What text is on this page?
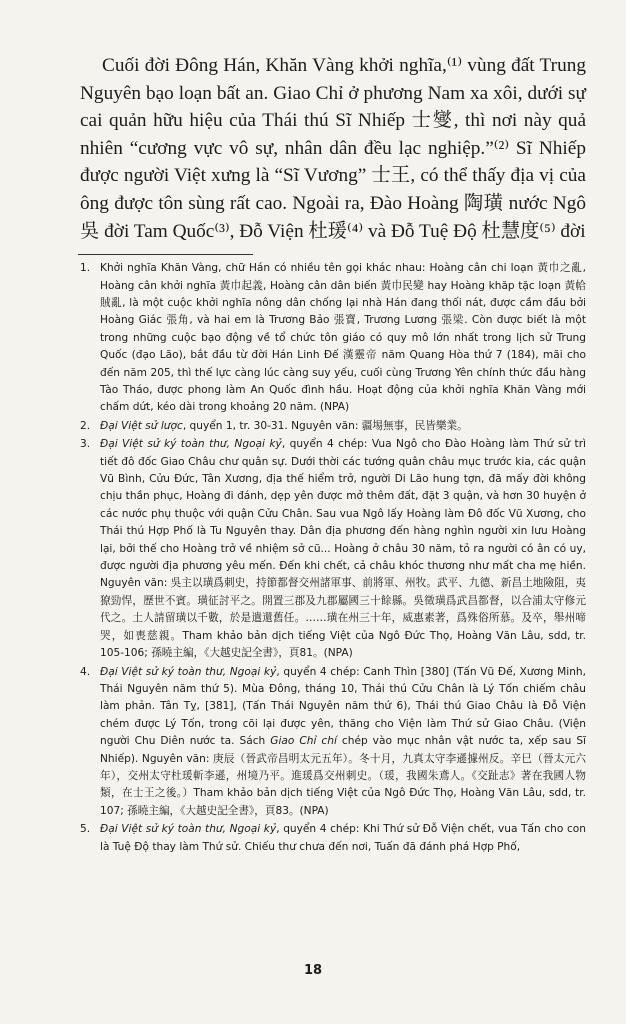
Cuối đời Đông Hán, Khăn Vàng khởi nghĩa,⁽¹⁾ vùng đất Trung Nguyên bạo loạn bất an. Giao Chỉ ở phương Nam xa xôi, dưới sự cai quản hữu hiệu của Thái thú Sĩ Nhiếp 士燮, thì nơi này quả nhiên “cương vực vô sự, nhân dân đều lạc nghiệp.”⁽²⁾ Sĩ Nhiếp được người Việt xưng là “Sĩ Vương” 士王, có thể thấy địa vị của ông được tôn sùng rất cao. Ngoài ra, Đào Hoàng 陶璜 nước Ngô 吳 đời Tam Quốc⁽³⁾, Đỗ Viện 杜瑗⁽⁴⁾ và Đỗ Tuệ Độ 杜慧度⁽⁵⁾ đời

1. Khởi nghĩa Khăn Vàng, chữ Hán có nhiều tên gọi khác nhau: Hoàng cân chi loạn 黃巾之亂, Hoàng cân khởi nghĩa 黃巾起義, Hoàng cân dân biến 黃巾民變 hay Hoàng khăp tặc loạn 黃帢賊亂, là một cuộc khởi nghĩa nông dân chống lại nhà Hán đang thối nát, được cầm đầu bởi Hoàng Giác 張角, và hai em là Trương Bảo 張寶, Trương Lương 張梁. Còn được biết là một trong những cuộc bạo động về tổ chức tôn giáo có quy mô lớn nhất trong lịch sử Trung Quốc (đạo Lão), bắt đầu từ đời Hán Linh Đế 漢靈帝 năm Quang Hòa thứ 7 (184), mãi cho đến năm 205, thì thế lực càng lúc càng suy yếu, cuối cùng Trương Yên chính thức đầu hàng Tào Tháo, được phong làm An Quốc đình hầu. Hoạt động của khởi nghĩa Khăn Vàng mới chấm dứt, kéo dài trong khoảng 20 năm. (NPA)
2. Đại Việt sử lược, quyển 1, tr. 30-31. Nguyên văn: 疆埸無事，民皆樂業。
3. Đại Việt sử ký toàn thư, Ngoại kỷ, quyển 4 chép: Vua Ngô cho Đào Hoàng làm Thứ sử trì tiết đô đốc Giao Châu chư quân sự. Dưới thời các tướng quân châu mục trước kia, các quận Vũ Bình, Cửu Đức, Tân Xương, địa thế hiểm trở, người Di Lão hung tợn, đã mấy đời không chịu thần phục, Hoàng đi đánh, dẹp yên được mở thêm đất, đặt 3 quận, và hơn 30 huyện ở các nước phụ thuộc với quận Cửu Chân. Sau vua Ngô lấy Hoàng làm Đô đốc Vũ Xương, cho Thái thú Hợp Phố là Tu Nguyên thay. Dân địa phương đến hàng nghìn người xin lưu Hoàng lại, bởi thế cho Hoàng trở về nhiệm sở cũ... Hoàng ở châu 30 năm, tỏ ra người có ân có uy, được người địa phương yêu mến. Đến khi chết, cả châu khóc thương như mất cha mẹ hiền. Nguyên văn: 吳主以璜爲刺史，持節都督交州諸軍事、前將軍、州牧。武平、九德、新昌土地險阻，夷獠勁悍，歷世不賓。璜征討平之。開置三郡及九郡屬國三十餘縣。吳徵璜爲武昌都督，以合浦太守修元代之。土人請留璜以千數，於是遣還舊任。……璜在州三十年，威惠素著，爲殊俗所慕。及卒，舉州啼哭，如喪慈親。Tham khảo bản dịch tiếng Việt của Ngô Đức Thọ, Hoàng Văn Lâu, sdd, tr. 105-106; 孫曉主編，《大越史記全書》，頁81。(NPA)
4. Đại Việt sử ký toàn thư, Ngoại kỷ, quyển 4 chép: Canh Thìn [380] (Tấn Vũ Đế, Xương Minh, Thái Nguyên năm thứ 5). Mùa Đông, tháng 10, Thái thú Cửu Chân là Lý Tốn chiếm châu làm phản. Tân Tỵ, [381], (Tấn Thái Nguyên năm thứ 6), Thái thú Giao Châu là Đỗ Viện chém được Lý Tốn, trong cõi lại được yên, thăng cho Viện làm Thứ sử Giao Châu. (Viện người Chu Diên nước ta. Sách Giao Chỉ chí chép vào mục nhân vật nước ta, xếp sau Sĩ Nhiếp). Nguyên văn: 庚辰（晉武帝昌明太元五年）。冬十月，九真太守李遜據州反。辛巳（晉太元六年），交州太守杜瑗斬李遜，州境乃平。進瑗爲交州刺史。（瑗，我國朱鳶人。《交趾志》著在我國人物類，在士王之後。）Tham khảo bản dịch tiếng Việt của Ngô Đức Thọ, Hoàng Văn Lâu, sdd, tr. 107; 孫曉主編，《大越史記全書》，頁83。(NPA)
5. Đại Việt sử ký toàn thư, Ngoại kỷ, quyển 4 chép: Khi Thứ sử Đỗ Viện chết, vua Tấn cho con là Tuệ Độ thay làm Thứ sử. Chiếu thư chưa đến nơi, Tuấn đã đánh phá Hợp Phố,
18
